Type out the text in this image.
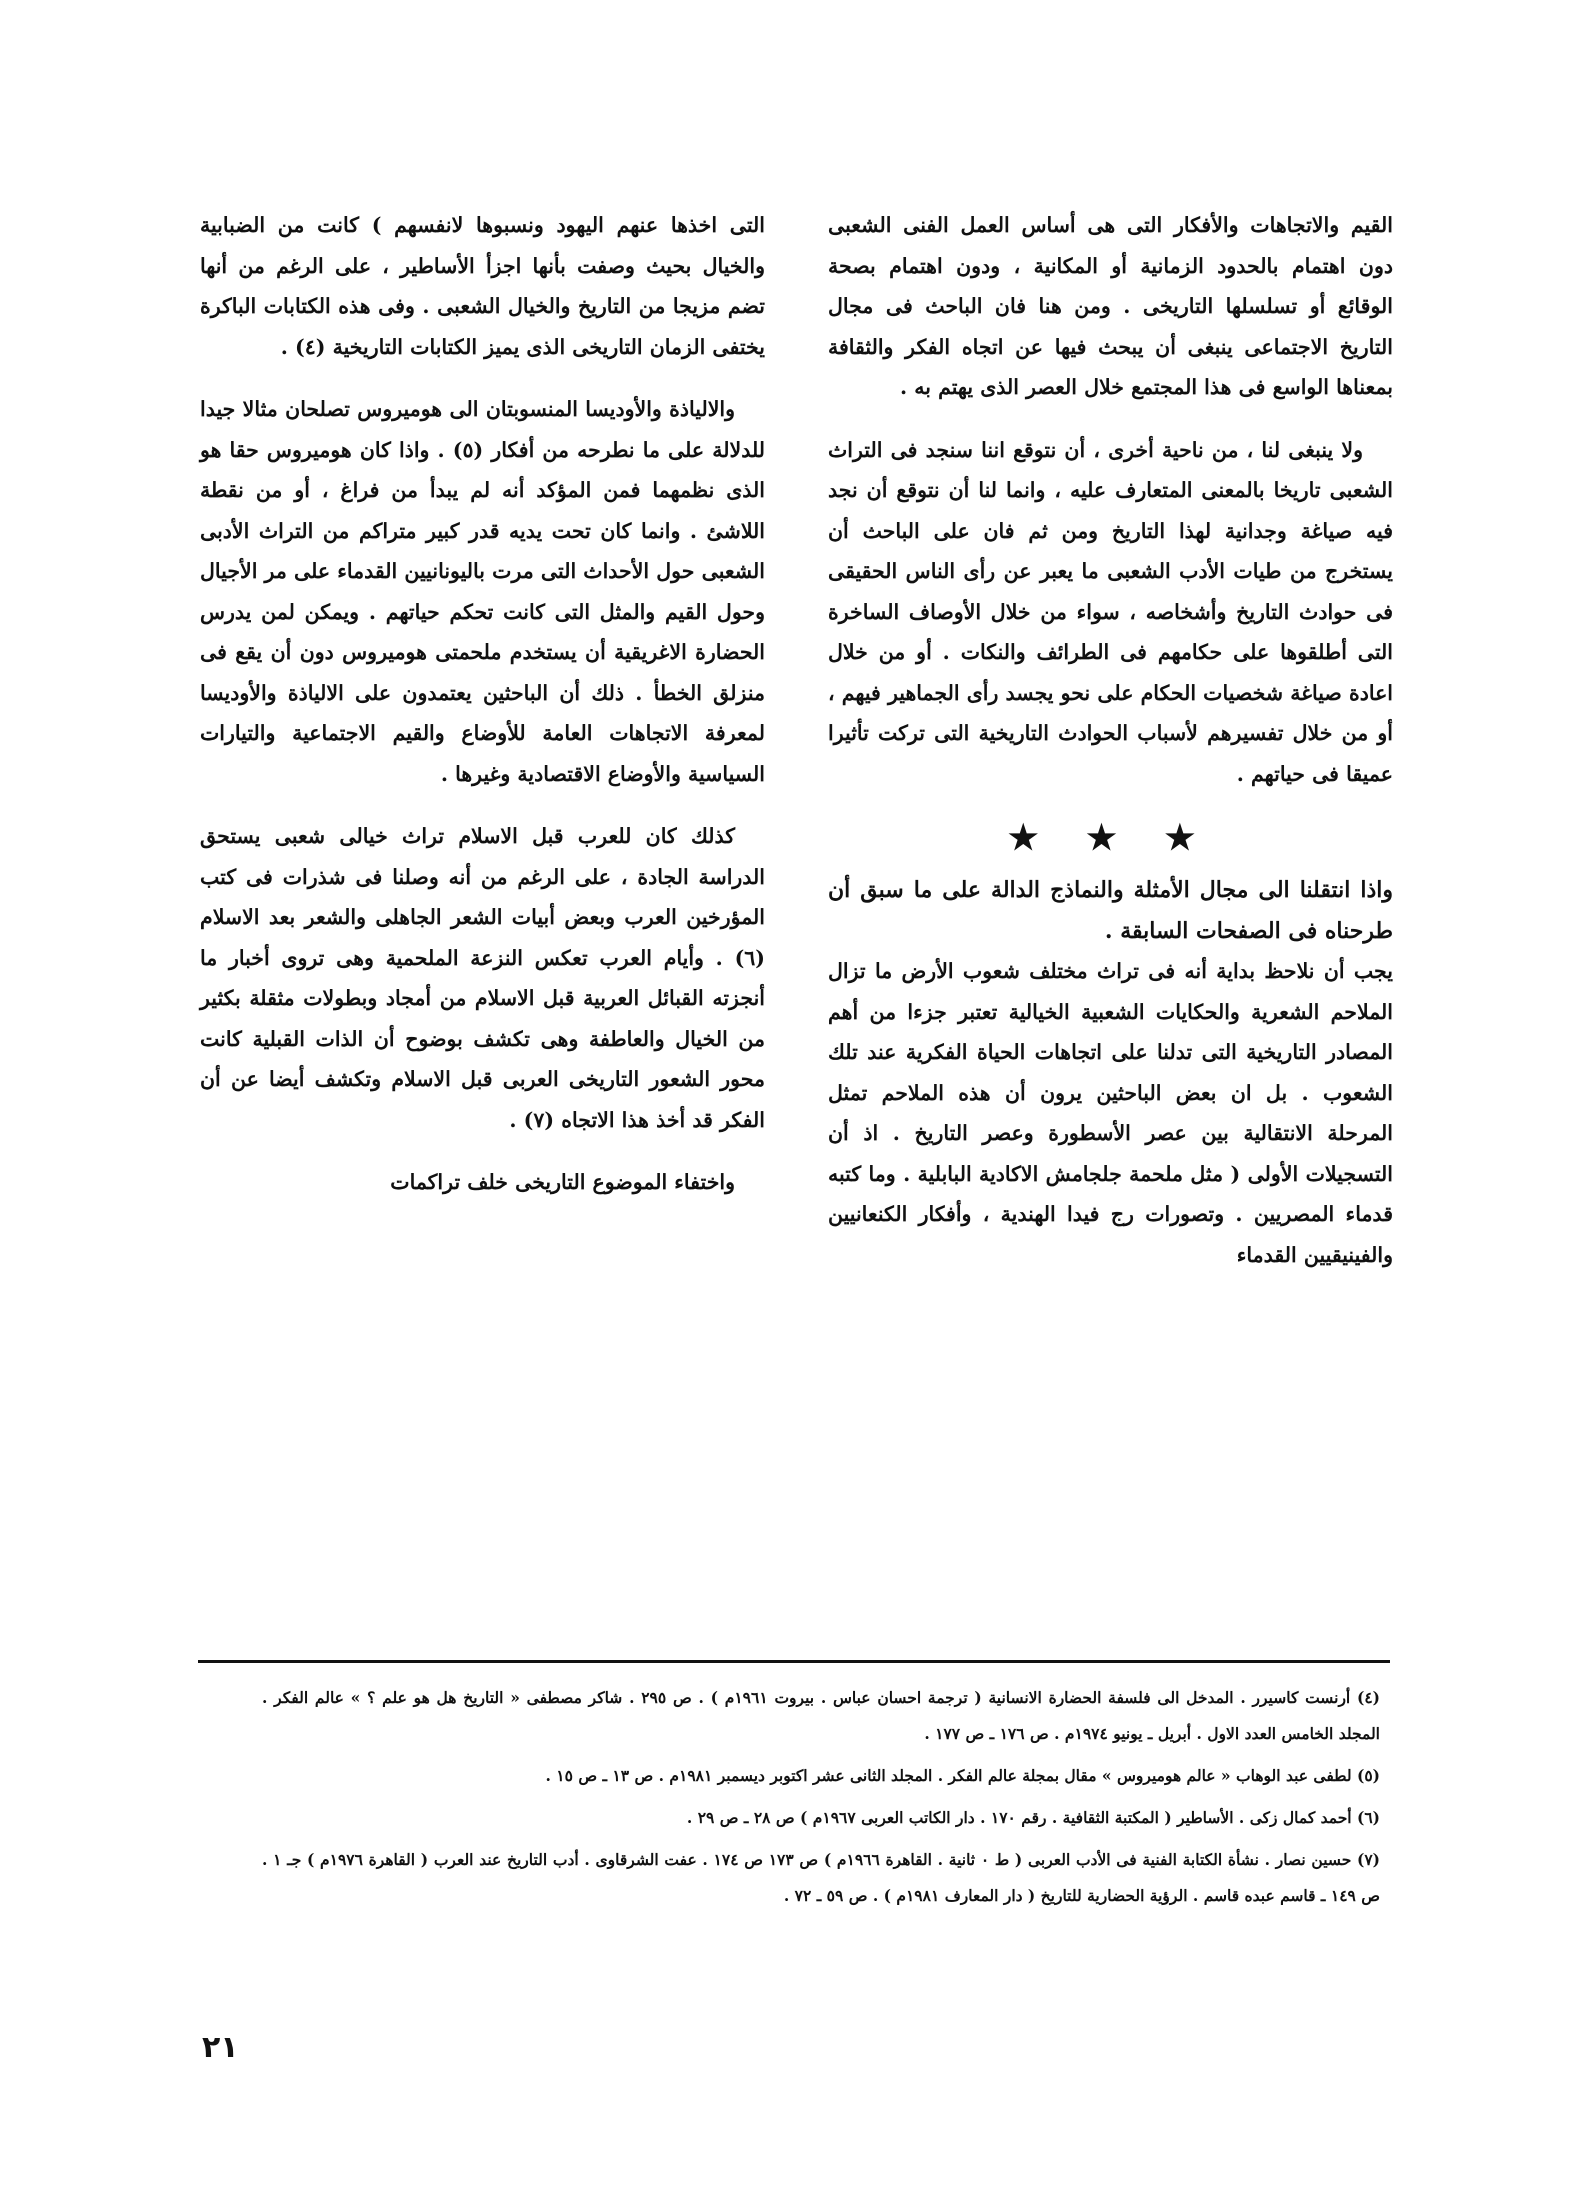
القيم والاتجاهات والأفكار التى هى أساس العمل الفنى الشعبى دون اهتمام بالحدود الزمانية أو المكانية ، ودون اهتمام بصحة الوقائع أو تسلسلها التاريخى . ومن هنا فان الباحث فى مجال التاريخ الاجتماعى ينبغى أن يبحث فيها عن اتجاه الفكر والثقافة بمعناها الواسع فى هذا المجتمع خلال العصر الذى يهتم به .

ولا ينبغى لنا ، من ناحية أخرى ، أن نتوقع اننا سنجد فى التراث الشعبى تاريخا بالمعنى المتعارف عليه ، وانما لنا أن نتوقع أن نجد فيه صياغة وجدانية لهذا التاريخ ومن ثم فان على الباحث أن يستخرج من طيات الأدب الشعبى ما يعبر عن رأى الناس الحقيقى فى حوادث التاريخ وأشخاصه ، سواء من خلال الأوصاف الساخرة التى أطلقوها على حكامهم فى الطرائف والنكات . أو من خلال اعادة صياغة شخصيات الحكام على نحو يجسد رأى الجماهير فيهم ، أو من خلال تفسيرهم لأسباب الحوادث التاريخية التى تركت تأثيرا عميقا فى حياتهم .

★ ★ ★

واذا انتقلنا الى مجال الأمثلة والنماذج الدالة على ما سبق أن طرحناه فى الصفحات السابقة .

يجب أن نلاحظ بداية أنه فى تراث مختلف شعوب الأرض ما تزال الملاحم الشعرية والحكايات الشعبية الخيالية تعتبر جزءا من أهم المصادر التاريخية التى تدلنا على اتجاهات الحياة الفكرية عند تلك الشعوب . بل ان بعض الباحثين يرون أن هذه الملاحم تمثل المرحلة الانتقالية بين عصر الأسطورة وعصر التاريخ . اذ أن التسجيلات الأولى ( مثل ملحمة جلجامش الاكادية البابلية . وما كتبه قدماء المصريين . وتصورات رج فيدا الهندية ، وأفكار الكنعانيين والفينيقيين القدماء

التى اخذها عنهم اليهود ونسبوها لانفسهم ) كانت من الضبابية والخيال بحيث وصفت بأنها اجزأ الأساطير ، على الرغم من أنها تضم مزيجا من التاريخ والخيال الشعبى . وفى هذه الكتابات الباكرة يختفى الزمان التاريخى الذى يميز الكتابات التاريخية (٤) .

والالياذة والأوديسا المنسوبتان الى هوميروس تصلحان مثالا جيدا للدلالة على ما نطرحه من أفكار (٥) . واذا كان هوميروس حقا هو الذى نظمهما فمن المؤكد أنه لم يبدأ من فراغ ، أو من نقطة اللاشئ . وانما كان تحت يديه قدر كبير متراكم من التراث الأدبى الشعبى حول الأحداث التى مرت باليونانيين القدماء على مر الأجيال وحول القيم والمثل التى كانت تحكم حياتهم . ويمكن لمن يدرس الحضارة الاغريقية أن يستخدم ملحمتى هوميروس دون أن يقع فى منزلق الخطأ . ذلك أن الباحثين يعتمدون على الالياذة والأوديسا لمعرفة الاتجاهات العامة للأوضاع والقيم الاجتماعية والتيارات السياسية والأوضاع الاقتصادية وغيرها .

كذلك كان للعرب قبل الاسلام تراث خيالى شعبى يستحق الدراسة الجادة ، على الرغم من أنه وصلنا فى شذرات فى كتب المؤرخين العرب وبعض أبيات الشعر الجاهلى والشعر بعد الاسلام (٦) . وأيام العرب تعكس النزعة الملحمية وهى تروى أخبار ما أنجزته القبائل العربية قبل الاسلام من أمجاد وبطولات مثقلة بكثير من الخيال والعاطفة وهى تكشف بوضوح أن الذات القبلية كانت محور الشعور التاريخى العربى قبل الاسلام وتكشف أيضا عن أن الفكر قد أخذ هذا الاتجاه (٧) .

واختفاء الموضوع التاريخى خلف تراكمات

(٤) أرنست كاسيرر . المدخل الى فلسفة الحضارة الانسانية ( ترجمة احسان عباس . بيروت ١٩٦١م ) . ص ٢٩٥ . شاكر مصطفى « التاريخ هل هو علم ؟ » عالم الفكر . المجلد الخامس العدد الاول . أبريل ـ يونيو ١٩٧٤م . ص ١٧٦ ـ ص ١٧٧ .

(٥) لطفى عبد الوهاب « عالم هوميروس » مقال بمجلة عالم الفكر . المجلد الثانى عشر اكتوبر ديسمبر ١٩٨١م . ص ١٣ ـ ص ١٥ .

(٦) أحمد كمال زكى . الأساطير ( المكتبة الثقافية . رقم ١٧٠ . دار الكاتب العربى ١٩٦٧م ) ص ٢٨ ـ ص ٢٩ .

(٧) حسين نصار . نشأة الكتابة الفنية فى الأدب العربى ( ط ٠ ثانية . القاهرة ١٩٦٦م ) ص ١٧٣ ص ١٧٤ . عفت الشرقاوى . أدب التاريخ عند العرب ( القاهرة ١٩٧٦م ) جـ ١ . ص ١٤٩ ـ قاسم عبده قاسم . الرؤية الحضارية للتاريخ ( دار المعارف ١٩٨١م ) . ص ٥٩ ـ ٧٢ .

٢١
